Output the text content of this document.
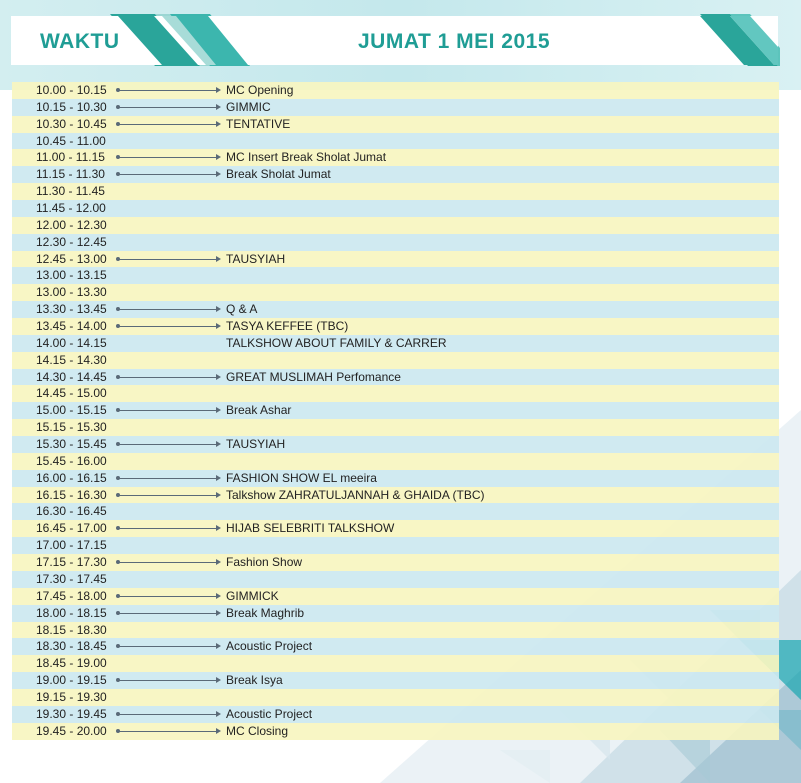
WAKTU	JUMAT 1 MEI 2015
10.00 - 10.15	MC Opening
10.15 - 10.30	GIMMIC
10.30 - 10.45	TENTATIVE
10.45 - 11.00
11.00 - 11.15	MC Insert Break Sholat Jumat
11.15 - 11.30	Break Sholat Jumat
11.30 - 11.45
11.45 - 12.00
12.00 - 12.30
12.30 - 12.45
12.45 - 13.00	TAUSYIAH
13.00 - 13.15
13.00 - 13.30
13.30 - 13.45	Q & A
13.45 - 14.00	TASYA KEFFEE (TBC)
14.00 - 14.15	TALKSHOW ABOUT FAMILY & CARRER
14.15 - 14.30
14.30 - 14.45	GREAT MUSLIMAH Perfomance
14.45 - 15.00
15.00 - 15.15	Break Ashar
15.15 - 15.30
15.30 - 15.45	TAUSYIAH
15.45 - 16.00
16.00 - 16.15	FASHION SHOW EL meeira
16.15 - 16.30	Talkshow ZAHRATULJANNAH & GHAIDA (TBC)
16.30 - 16.45
16.45 - 17.00	HIJAB SELEBRITI TALKSHOW
17.00 - 17.15
17.15 - 17.30	Fashion Show
17.30 - 17.45
17.45 - 18.00	GIMMICK
18.00 - 18.15	Break Maghrib
18.15 - 18.30
18.30 - 18.45	Acoustic Project
18.45 - 19.00
19.00 - 19.15	Break Isya
19.15 - 19.30
19.30 - 19.45	Acoustic Project
19.45 - 20.00	MC Closing
